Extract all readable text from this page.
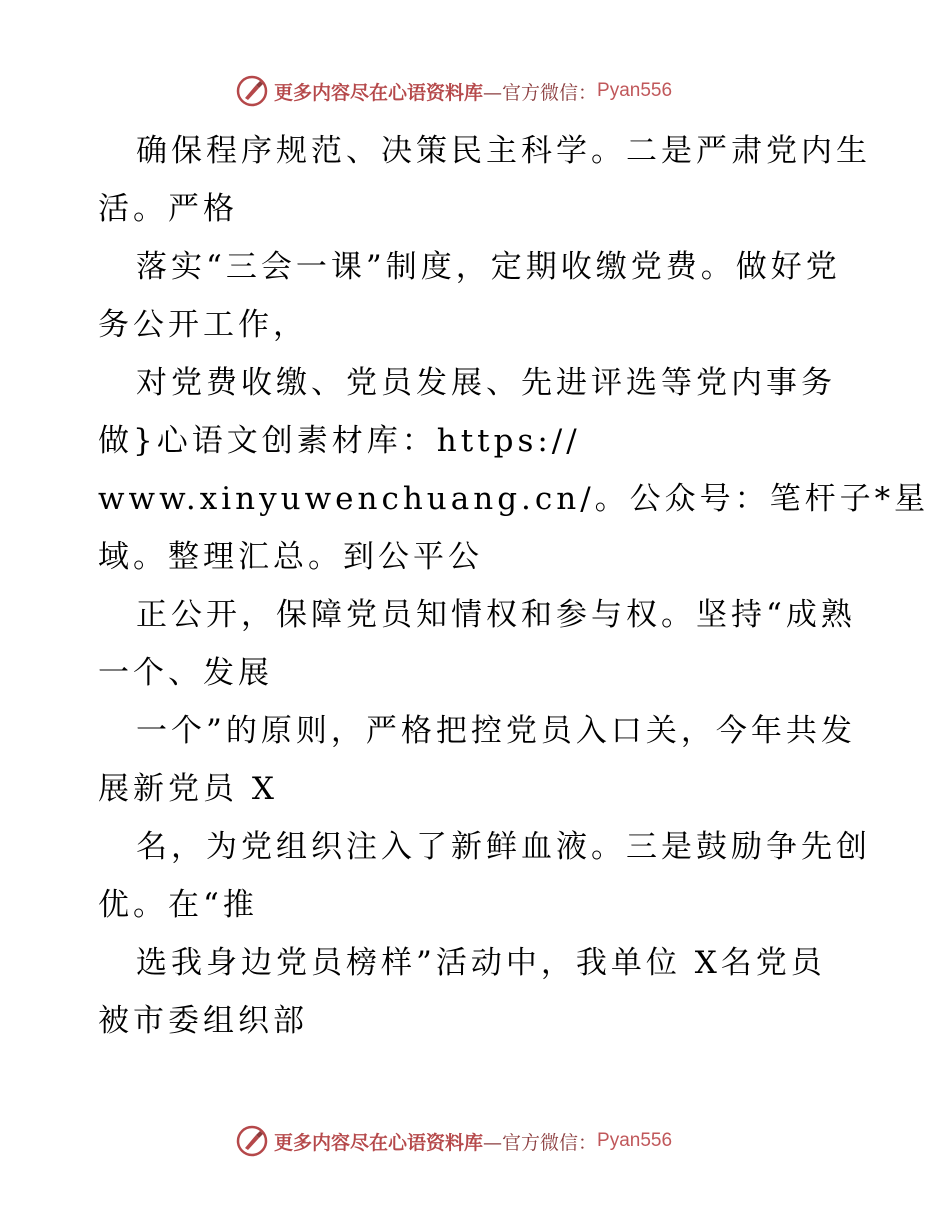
更多内容尽在心语资料库 —官方微信： Pyan556
确保程序规范、决策民主科学。二是严肃党内生
活。严格
落实“三会一课”制度，定期收缴党费。做好党
务公开工作，
对党费收缴、党员发展、先进评选等党内事务
做}心语文创素材库：https://
www.xinyuwenchuang.cn/。公众号：笔杆子*星
域。整理汇总。到公平公
正公开，保障党员知情权和参与权。坚持“成熟
一个、发展
一个”的原则，严格把控党员入口关，今年共发
展新党员 X
名，为党组织注入了新鲜血液。三是鼓励争先创
优。在“推
选我身边党员榜样”活动中，我单位 X名党员
被市委组织部
更多内容尽在心语资料库 —官方微信： Pyan556
